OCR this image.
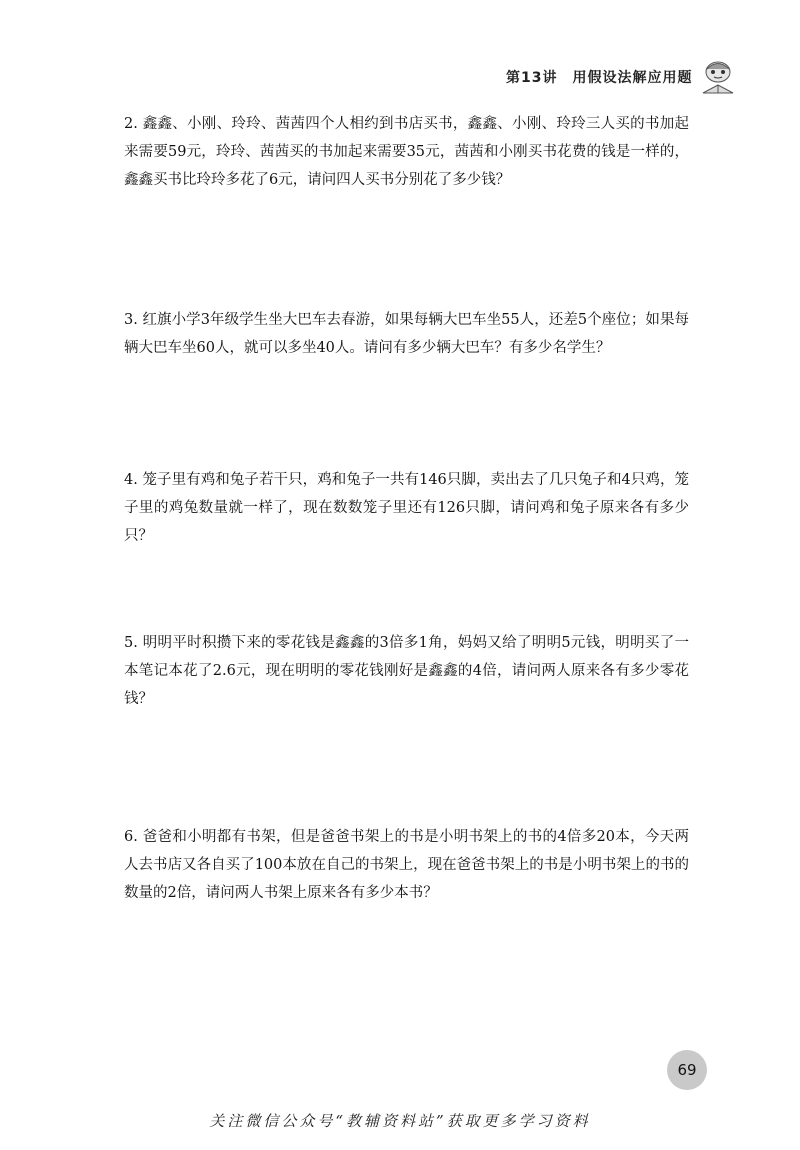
第13讲　用假设法解应用题
2. 鑫鑫、小刚、玲玲、茜茜四个人相约到书店买书，鑫鑫、小刚、玲玲三人买的书加起来需要59元，玲玲、茜茜买的书加起来需要35元，茜茜和小刚买书花费的钱是一样的，鑫鑫买书比玲玲多花了6元，请问四人买书分别花了多少钱？
3. 红旗小学3年级学生坐大巴车去春游，如果每辆大巴车坐55人，还差5个座位；如果每辆大巴车坐60人，就可以多坐40人。请问有多少辆大巴车？有多少名学生？
4. 笼子里有鸡和兔子若干只，鸡和兔子一共有146只脚，卖出去了几只兔子和4只鸡，笼子里的鸡兔数量就一样了，现在数数笼子里还有126只脚，请问鸡和兔子原来各有多少只？
5. 明明平时积攒下来的零花钱是鑫鑫的3倍多1角，妈妈又给了明明5元钱，明明买了一本笔记本花了2.6元，现在明明的零花钱刚好是鑫鑫的4倍，请问两人原来各有多少零花钱？
6. 爸爸和小明都有书架，但是爸爸书架上的书是小明书架上的书的4倍多20本，今天两人去书店又各自买了100本放在自己的书架上，现在爸爸书架上的书是小明书架上的书的数量的2倍，请问两人书架上原来各有多少本书？
69
关注微信公众号“教辅资料站”获取更多学习资料
